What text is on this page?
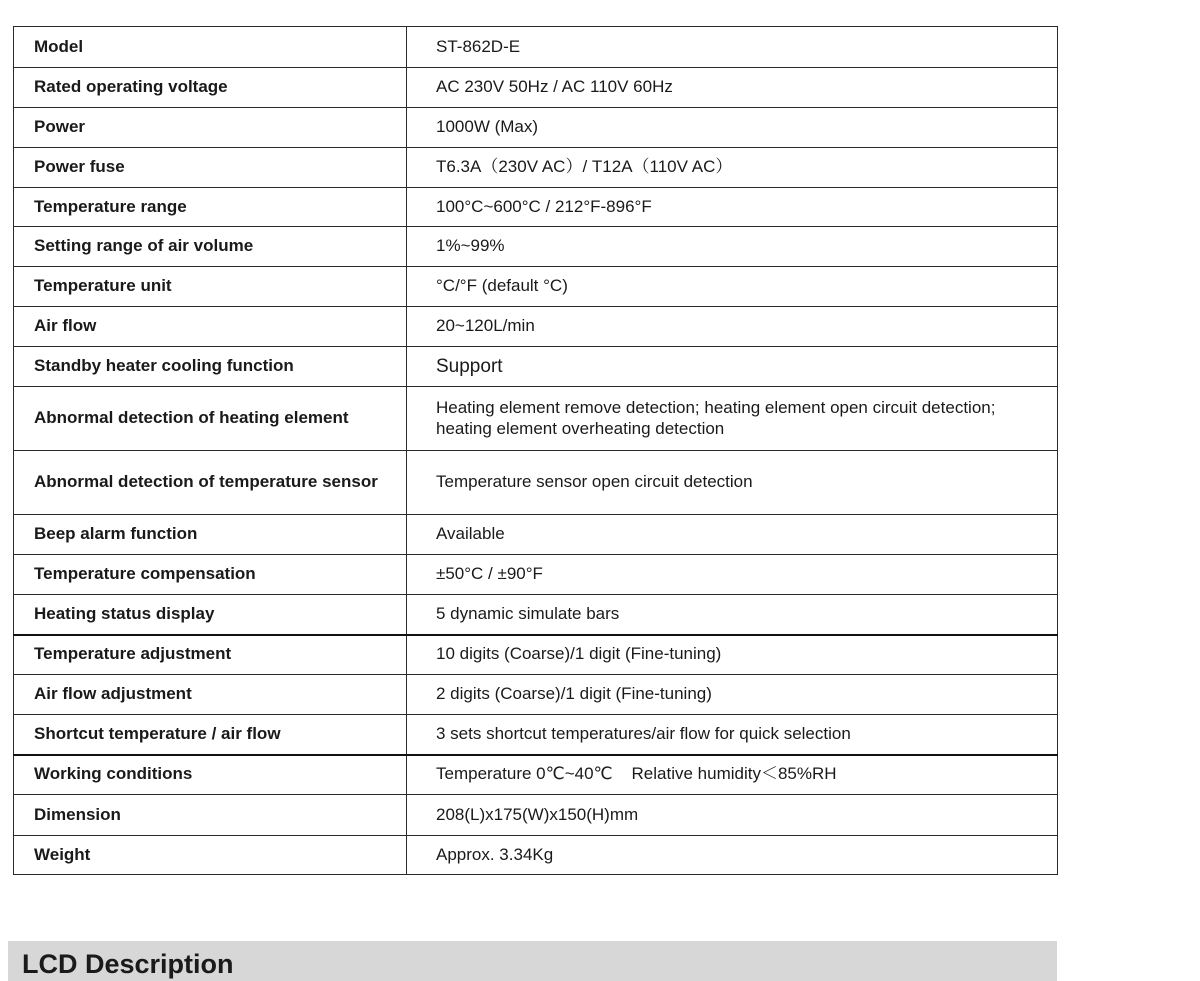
Model	ST-862D-E
Rated operating voltage	AC 230V 50Hz / AC 110V 60Hz
Power	1000W (Max)
Power fuse	T6.3A（230V AC）/ T12A（110V AC）
Temperature range	100°C~600°C / 212°F-896°F
Setting range of air volume	1%~99%
Temperature unit	°C/°F (default °C)
Air flow	20~120L/min
Standby heater cooling function	Support
Abnormal detection of heating element	Heating element remove detection; heating element open circuit detection; heating element overheating detection
Abnormal detection of temperature sensor	Temperature sensor open circuit detection
Beep alarm function	Available
Temperature compensation	±50°C / ±90°F
Heating status display	5 dynamic simulate bars
Temperature adjustment	10 digits (Coarse)/1 digit (Fine-tuning)
Air flow adjustment	2 digits (Coarse)/1 digit (Fine-tuning)
Shortcut temperature / air flow	3 sets shortcut temperatures/air flow for quick selection
Working conditions	Temperature 0℃~40℃    Relative humidity＜85%RH
Dimension	208(L)x175(W)x150(H)mm
Weight	Approx. 3.34Kg
LCD Description
